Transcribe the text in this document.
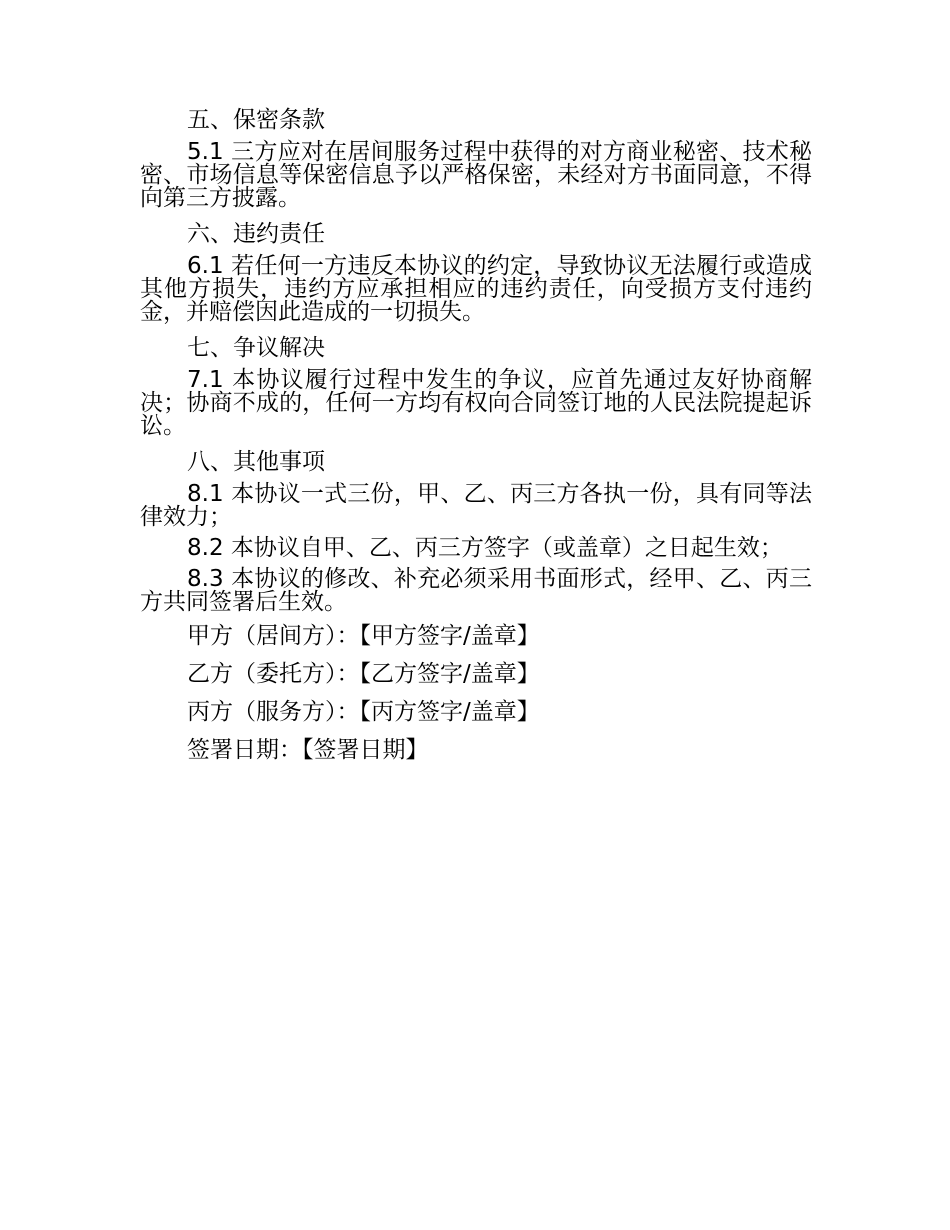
五、保密条款

5.1 三方应对在居间服务过程中获得的对方商业秘密、技术秘密、市场信息等保密信息予以严格保密，未经对方书面同意，不得向第三方披露。

六、违约责任

6.1 若任何一方违反本协议的约定，导致协议无法履行或造成其他方损失，违约方应承担相应的违约责任，向受损方支付违约金，并赔偿因此造成的一切损失。

七、争议解决

7.1 本协议履行过程中发生的争议，应首先通过友好协商解决；协商不成的，任何一方均有权向合同签订地的人民法院提起诉讼。

八、其他事项

8.1 本协议一式三份，甲、乙、丙三方各执一份，具有同等法律效力；

8.2 本协议自甲、乙、丙三方签字（或盖章）之日起生效；

8.3 本协议的修改、补充必须采用书面形式，经甲、乙、丙三方共同签署后生效。

甲方（居间方）：【甲方签字/盖章】
乙方（委托方）：【乙方签字/盖章】
丙方（服务方）：【丙方签字/盖章】
签署日期：【签署日期】
